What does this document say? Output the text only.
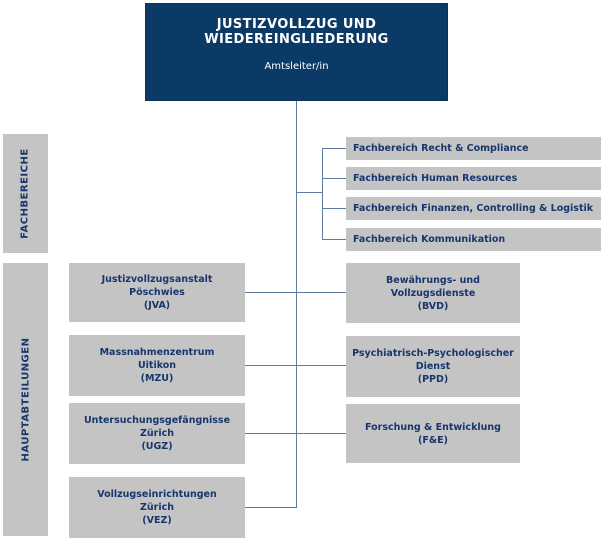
JUSTIZVOLLZUG UND
WIEDEREINGLIEDERUNG
Amtsleiter/in
FACHBEREICHE
HAUPTABTEILUNGEN
Fachbereich Recht & Compliance
Fachbereich Human Resources
Fachbereich Finanzen, Controlling & Logistik
Fachbereich Kommunikation
Justizvollzugsanstalt
Pöschwies
(JVA)
Massnahmenzentrum
Uitikon
(MZU)
Untersuchungsgefängnisse
Zürich
(UGZ)
Vollzugseinrichtungen
Zürich
(VEZ)
Bewährungs- und
Vollzugsdienste
(BVD)
Psychiatrisch-Psychologischer
Dienst
(PPD)
Forschung & Entwicklung
(F&E)
